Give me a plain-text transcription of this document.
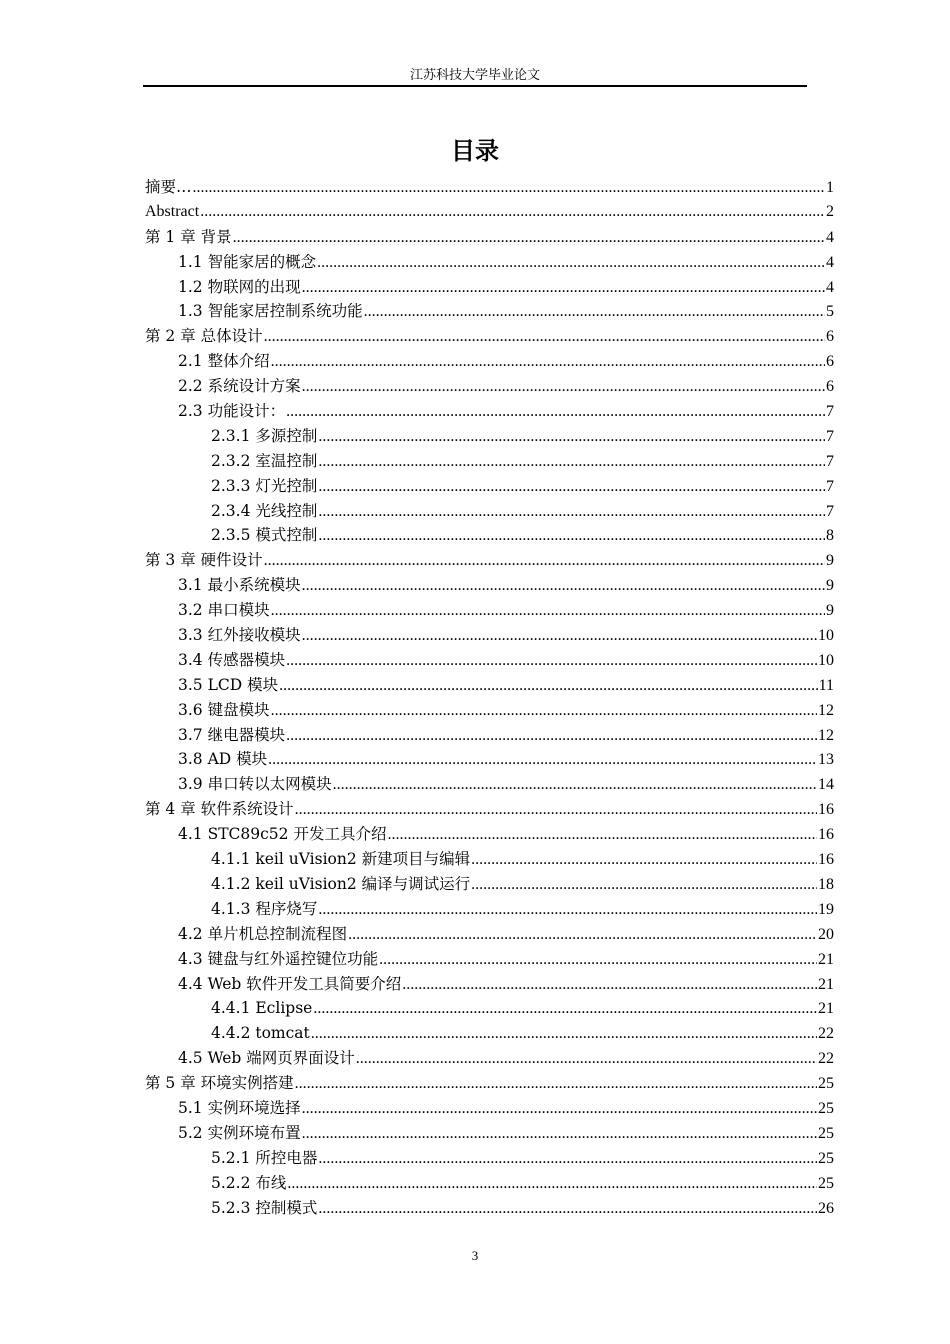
江苏科技大学毕业论文
目录
摘要… .....	1
Abstract .....	2
第 1 章 背景 .....	4
1.1 智能家居的概念 .....	4
1.2 物联网的出现 .....	4
1.3 智能家居控制系统功能 .....	5
第 2 章 总体设计 .....	6
2.1 整体介绍 .....	6
2.2 系统设计方案 .....	6
2.3 功能设计： .....	7
2.3.1 多源控制 .....	7
2.3.2 室温控制 .....	7
2.3.3 灯光控制 .....	7
2.3.4 光线控制 .....	7
2.3.5 模式控制 .....	8
第 3 章 硬件设计 .....	9
3.1 最小系统模块 .....	9
3.2 串口模块 .....	9
3.3 红外接收模块 .....	10
3.4 传感器模块 .....	10
3.5 LCD 模块 .....	11
3.6 键盘模块 .....	12
3.7 继电器模块 .....	12
3.8 AD 模块 .....	13
3.9 串口转以太网模块 .....	14
第 4 章 软件系统设计 .....	16
4.1 STC89c52 开发工具介绍 .....	16
4.1.1 keil uVision2 新建项目与编辑 .....	16
4.1.2 keil uVision2 编译与调试运行 .....	18
4.1.3 程序烧写 .....	19
4.2 单片机总控制流程图 .....	20
4.3 键盘与红外遥控键位功能 .....	21
4.4 Web 软件开发工具简要介绍 .....	21
4.4.1 Eclipse .....	21
4.4.2 tomcat .....	22
4.5 Web 端网页界面设计 .....	22
第 5 章 环境实例搭建 .....	25
5.1 实例环境选择 .....	25
5.2 实例环境布置 .....	25
5.2.1 所控电器 .....	25
5.2.2 布线 .....	25
5.2.3 控制模式 .....	26
3
